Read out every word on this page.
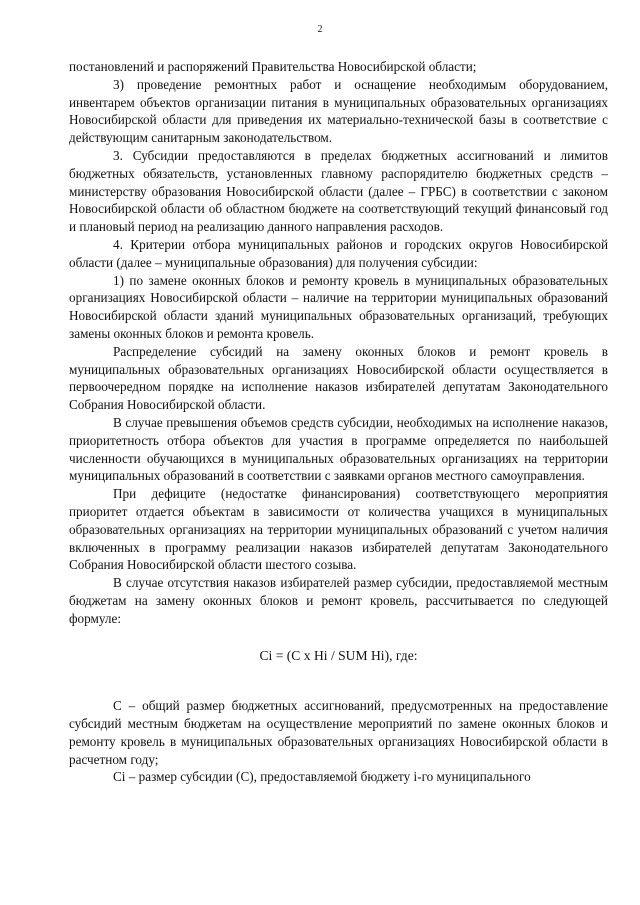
2

постановлений и распоряжений Правительства Новосибирской области;

3) проведение ремонтных работ и оснащение необходимым оборудованием, инвентарем объектов организации питания в муниципальных образовательных организациях Новосибирской области для приведения их материально-технической базы в соответствие с действующим санитарным законодательством.

3. Субсидии предоставляются в пределах бюджетных ассигнований и лимитов бюджетных обязательств, установленных главному распорядителю бюджетных средств – министерству образования Новосибирской области (далее – ГРБС) в соответствии с законом Новосибирской области об областном бюджете на соответствующий текущий финансовый год и плановый период на реализацию данного направления расходов.

4. Критерии отбора муниципальных районов и городских округов Новосибирской области (далее – муниципальные образования) для получения субсидии:

1) по замене оконных блоков и ремонту кровель в муниципальных образовательных организациях Новосибирской области – наличие на территории муниципальных образований Новосибирской области зданий муниципальных образовательных организаций, требующих замены оконных блоков и ремонта кровель.

Распределение субсидий на замену оконных блоков и ремонт кровель в муниципальных образовательных организациях Новосибирской области осуществляется в первоочередном порядке на исполнение наказов избирателей депутатам Законодательного Собрания Новосибирской области.

В случае превышения объемов средств субсидии, необходимых на исполнение наказов, приоритетность отбора объектов для участия в программе определяется по наибольшей численности обучающихся в муниципальных образовательных организациях на территории муниципальных образований в соответствии с заявками органов местного самоуправления.

При дефиците (недостатке финансирования) соответствующего мероприятия приоритет отдается объектам в зависимости от количества учащихся в муниципальных образовательных организациях на территории муниципальных образований с учетом наличия включенных в программу реализации наказов избирателей депутатам Законодательного Собрания Новосибирской области шестого созыва.

В случае отсутствия наказов избирателей размер субсидии, предоставляемой местным бюджетам на замену оконных блоков и ремонт кровель, рассчитывается по следующей формуле:

Ci = (C x Hi / SUM Hi), где:

C – общий размер бюджетных ассигнований, предусмотренных на предоставление субсидий местным бюджетам на осуществление мероприятий по замене оконных блоков и ремонту кровель в муниципальных образовательных организациях Новосибирской области в расчетном году;

Ci – размер субсидии (С), предоставляемой бюджету i-го муниципального
